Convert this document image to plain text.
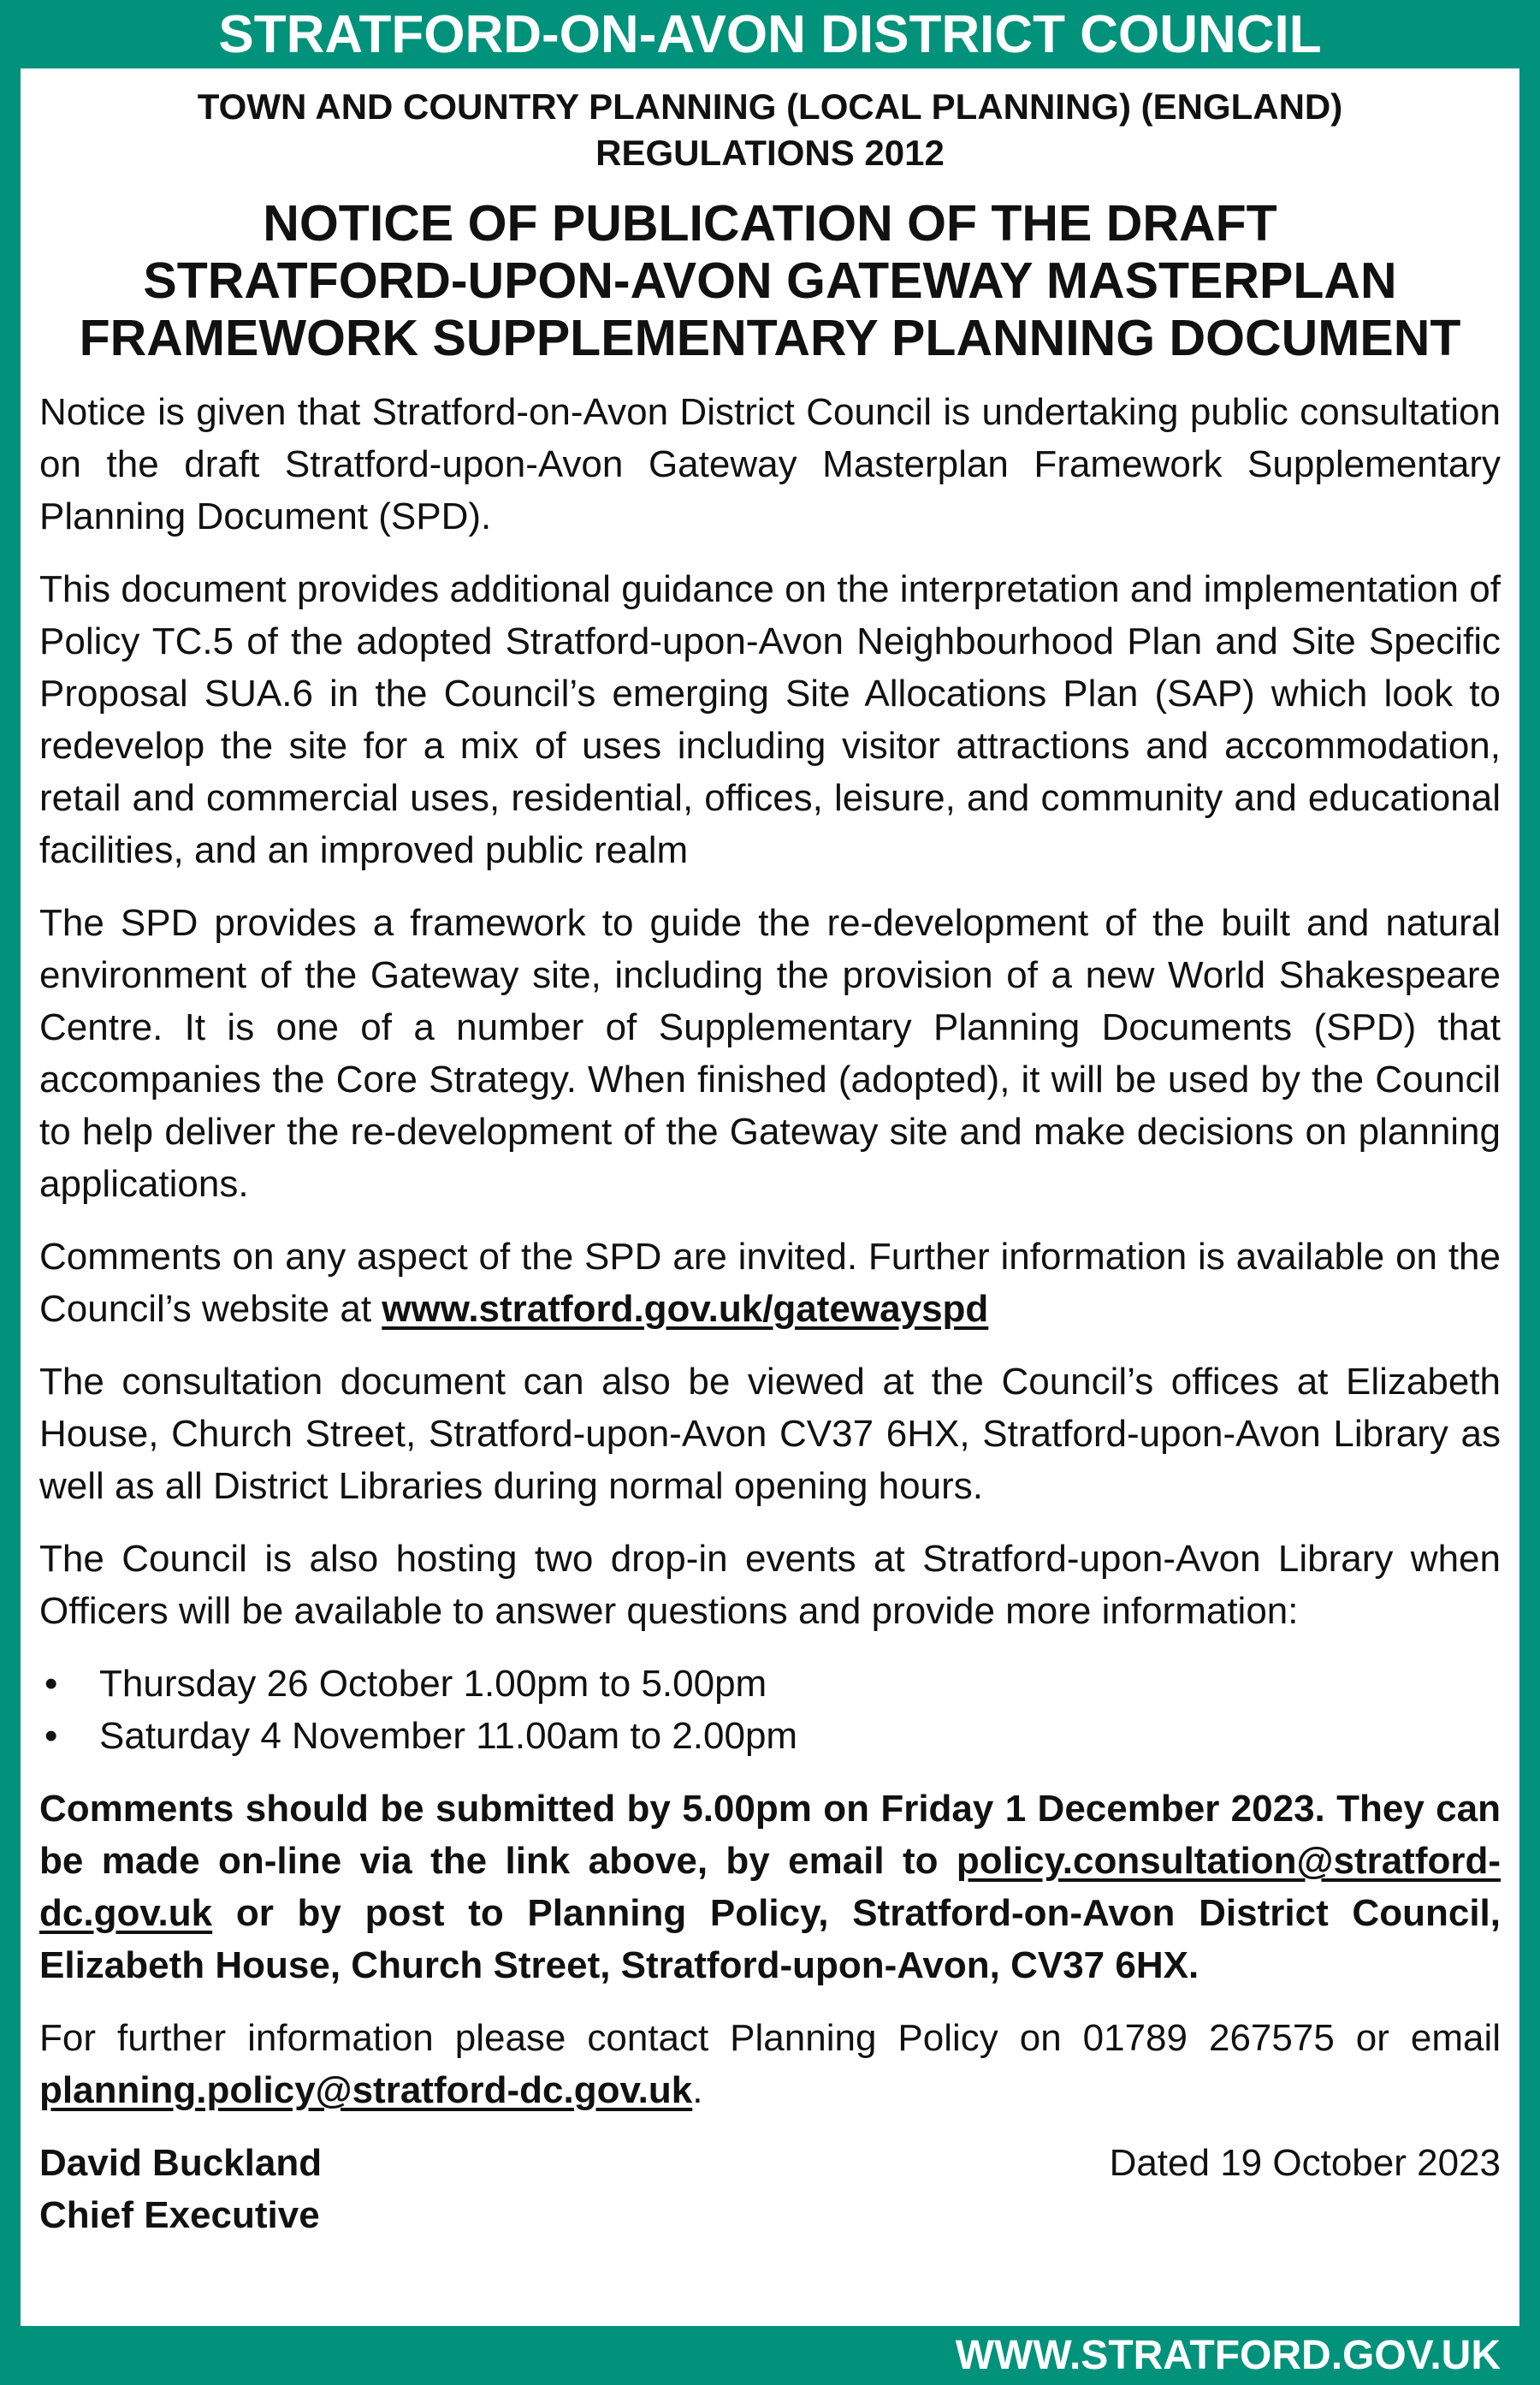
STRATFORD-ON-AVON DISTRICT COUNCIL
TOWN AND COUNTRY PLANNING (LOCAL PLANNING) (ENGLAND)
REGULATIONS 2012
NOTICE OF PUBLICATION OF THE DRAFT
STRATFORD-UPON-AVON GATEWAY MASTERPLAN
FRAMEWORK SUPPLEMENTARY PLANNING DOCUMENT

Notice is given that Stratford-on-Avon District Council is undertaking public consultation on the draft Stratford-upon-Avon Gateway Masterplan Framework Supplementary Planning Document (SPD).

This document provides additional guidance on the interpretation and implementation of Policy TC.5 of the adopted Stratford-upon-Avon Neighbourhood Plan and Site Specific Proposal SUA.6 in the Council’s emerging Site Allocations Plan (SAP) which look to redevelop the site for a mix of uses including visitor attractions and accommodation, retail and commercial uses, residential, offices, leisure, and community and educational facilities, and an improved public realm

The SPD provides a framework to guide the re-development of the built and natural environment of the Gateway site, including the provision of a new World Shakespeare Centre. It is one of a number of Supplementary Planning Documents (SPD) that accompanies the Core Strategy. When finished (adopted), it will be used by the Council to help deliver the re-development of the Gateway site and make decisions on planning applications.

Comments on any aspect of the SPD are invited. Further information is available on the Council’s website at www.stratford.gov.uk/gatewayspd

The consultation document can also be viewed at the Council’s offices at Elizabeth House, Church Street, Stratford-upon-Avon CV37 6HX, Stratford-upon-Avon Library as well as all District Libraries during normal opening hours.

The Council is also hosting two drop-in events at Stratford-upon-Avon Library when Officers will be available to answer questions and provide more information:

• Thursday 26 October 1.00pm to 5.00pm
• Saturday 4 November 11.00am to 2.00pm

Comments should be submitted by 5.00pm on Friday 1 December 2023. They can be made on-line via the link above, by email to policy.consultation@stratford-dc.gov.uk or by post to Planning Policy, Stratford-on-Avon District Council, Elizabeth House, Church Street, Stratford-upon-Avon, CV37 6HX.

For further information please contact Planning Policy on 01789 267575 or email planning.policy@stratford-dc.gov.uk.

David Buckland
Chief Executive
Dated 19 October 2023
WWW.STRATFORD.GOV.UK
